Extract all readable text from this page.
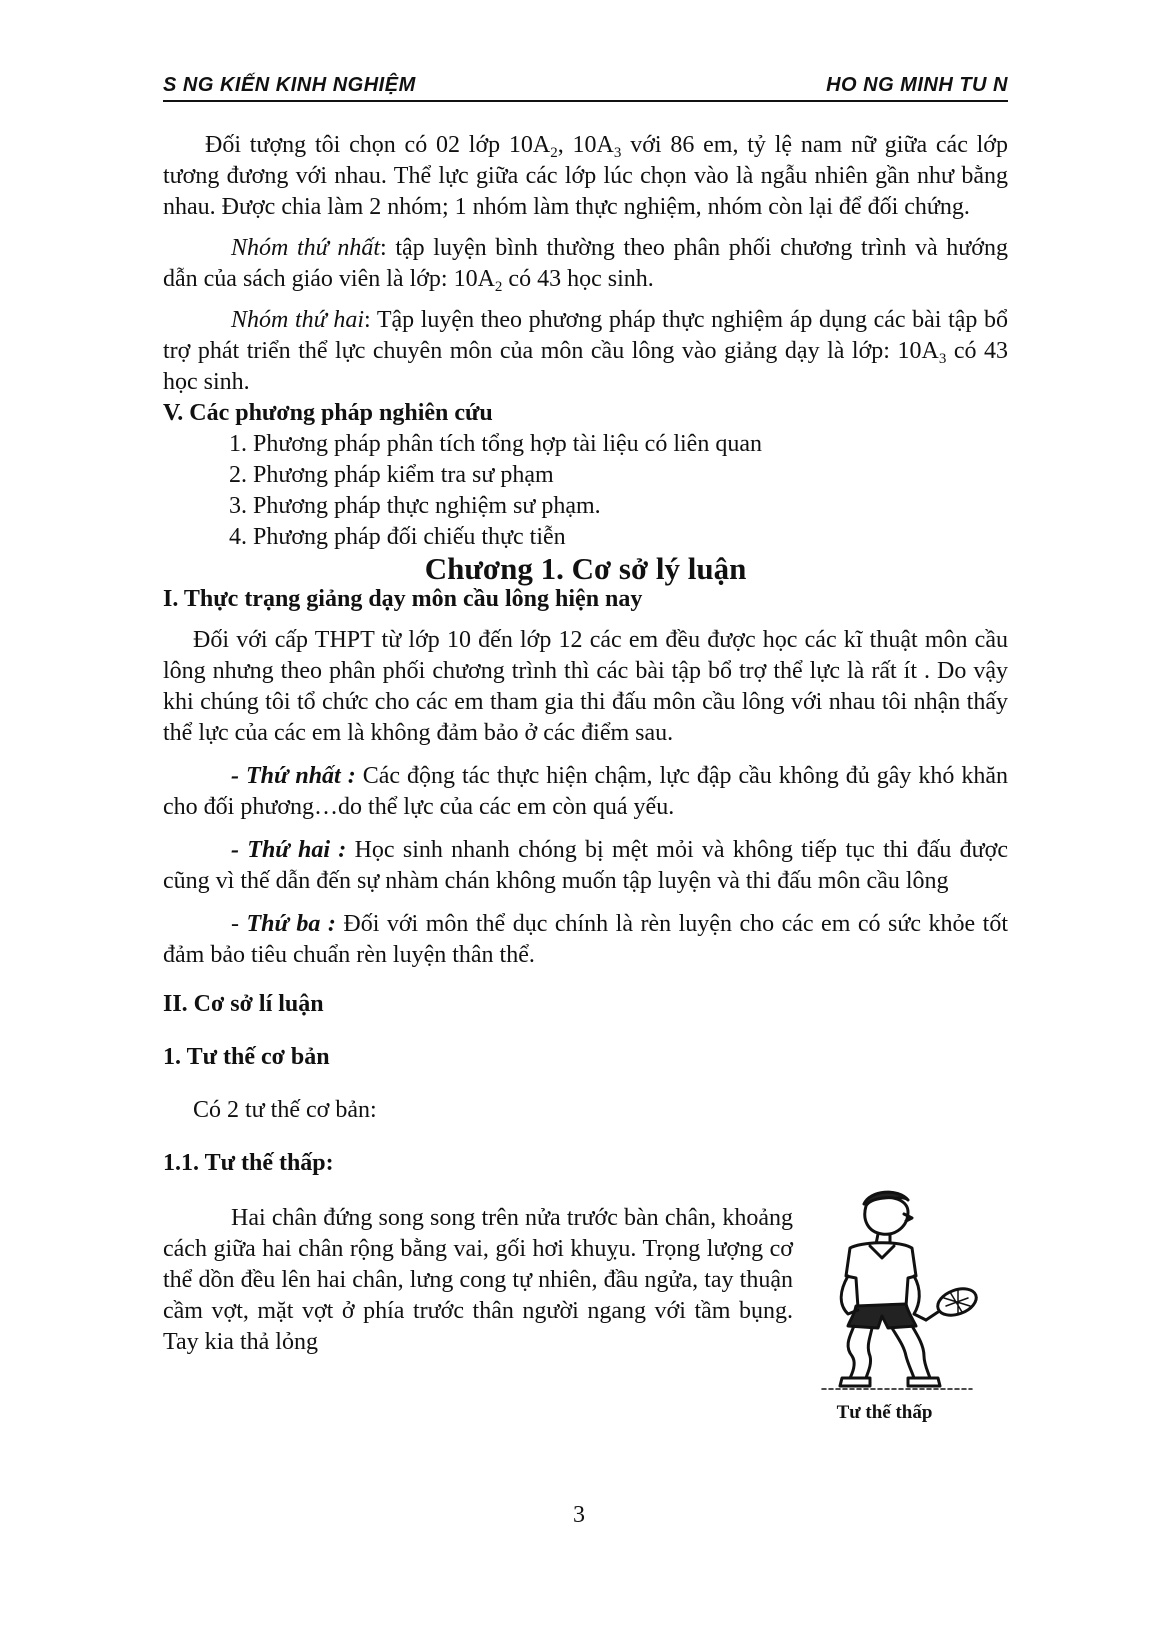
S NG KIẾN KINH NGHIỆM	HO NG MINH TU N

Đối tượng tôi chọn có 02 lớp $10A_2$, $10A_3$ với 86 em, tỷ lệ nam nữ giữa các lớp tương đương với nhau. Thể lực giữa các lớp lúc chọn vào là ngẫu nhiên gần như bằng nhau. Được chia làm 2 nhóm; 1 nhóm làm thực nghiệm, nhóm còn lại để đối chứng.

Nhóm thứ nhất: tập luyện bình thường theo phân phối chương trình và hướng dẫn của sách giáo viên là lớp: $10A_2$ có 43 học sinh.

Nhóm thứ hai: Tập luyện theo phương pháp thực nghiệm áp dụng các bài tập bổ trợ phát triển thể lực chuyên môn của môn cầu lông vào giảng dạy là lớp: $10A_3$ có 43 học sinh.

V. Các phương pháp nghiên cứu

1. Phương pháp phân tích tổng hợp tài liệu có liên quan

2. Phương pháp kiểm tra sư phạm

3. Phương pháp thực nghiệm sư phạm.

4. Phương pháp đối chiếu thực tiễn

Chương 1. Cơ sở lý luận

I. Thực trạng giảng dạy môn cầu lông hiện nay

Đối với cấp THPT từ lớp 10 đến lớp 12 các em đều được học các kĩ thuật môn cầu lông nhưng theo phân phối chương trình thì các bài tập bổ trợ thể lực là rất ít . Do vậy khi chúng tôi tổ chức cho các em tham gia thi đấu môn cầu lông với nhau tôi nhận thấy thể lực của các em là không đảm bảo ở các điểm sau.

- Thứ nhất : Các động tác thực hiện chậm, lực đập cầu không đủ gây khó khăn cho đối phương…do thể lực của các em còn quá yếu.

- Thứ hai : Học sinh nhanh chóng bị mệt mỏi và không tiếp tục thi đấu được cũng vì thế dẫn đến sự nhàm chán không muốn tập luyện và thi đấu môn cầu lông

- Thứ ba : Đối với môn thể dục chính là rèn luyện cho các em có sức khỏe tốt đảm bảo tiêu chuẩn rèn luyện thân thể.

II. Cơ sở lí luận

1. Tư thế cơ bản

Có 2 tư thế cơ bản:

1.1. Tư thế thấp:

Hai chân đứng song song trên nửa trước bàn chân, khoảng cách giữa hai chân rộng bằng vai, gối hơi khuỵu. Trọng lượng cơ thể dồn đều lên hai chân, lưng cong tự nhiên, đầu ngửa, tay thuận cầm vợt, mặt vợt ở phía trước thân người ngang với tầm bụng. Tay kia thả lỏng

Tư thế thấp
3
